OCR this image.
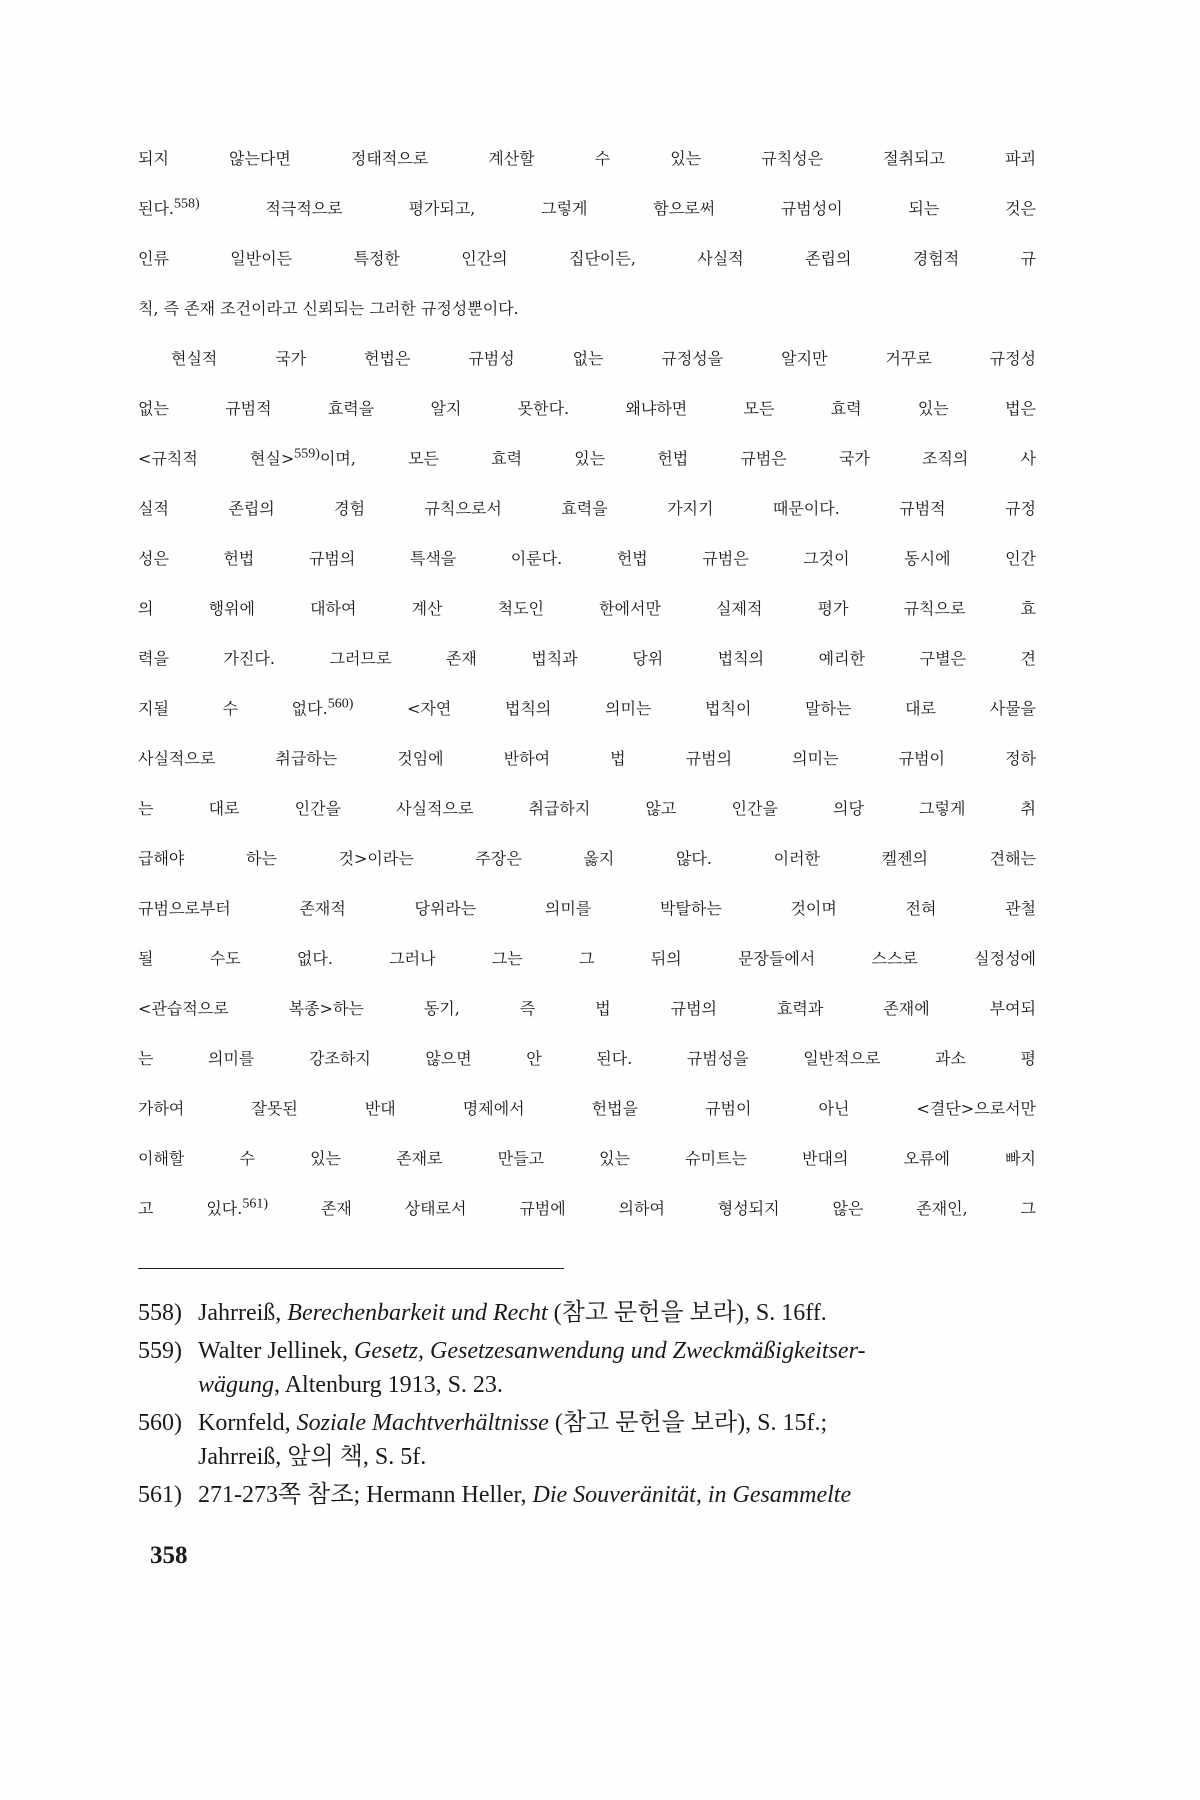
되지 않는다면 정태적으로 계산할 수 있는 규칙성은 절취되고 파괴
된다.$^{558)}$ 적극적으로 평가되고, 그렇게 함으로써 규범성이 되는 것은
인류 일반이든 특정한 인간의 집단이든, 사실적 존립의 경험적 규
칙, 즉 존재 조건이라고 신뢰되는 그러한 규정성뿐이다.
현실적 국가 헌법은 규범성 없는 규정성을 알지만 거꾸로 규정성
없는 규범적 효력을 알지 못한다. 왜냐하면 모든 효력 있는 법은
<규칙적 현실>$^{559)}$이며, 모든 효력 있는 헌법 규범은 국가 조직의 사
실적 존립의 경험 규칙으로서 효력을 가지기 때문이다. 규범적 규정
성은 헌법 규범의 특색을 이룬다. 헌법 규범은 그것이 동시에 인간
의 행위에 대하여 계산 척도인 한에서만 실제적 평가 규칙으로 효
력을 가진다. 그러므로 존재 법칙과 당위 법칙의 예리한 구별은 견
지될 수 없다.$^{560)}$ <자연 법칙의 의미는 법칙이 말하는 대로 사물을
사실적으로 취급하는 것임에 반하여 법 규범의 의미는 규범이 정하
는 대로 인간을 사실적으로 취급하지 않고 인간을 의당 그렇게 취
급해야 하는 것>이라는 주장은 옳지 않다. 이러한 켈젠의 견해는
규범으로부터 존재적 당위라는 의미를 박탈하는 것이며 전혀 관철
될 수도 없다. 그러나 그는 그 뒤의 문장들에서 스스로 실정성에
<관습적으로 복종>하는 동기, 즉 법 규범의 효력과 존재에 부여되
는 의미를 강조하지 않으면 안 된다. 규범성을 일반적으로 과소 평
가하여 잘못된 반대 명제에서 헌법을 규범이 아닌 <결단>으로서만
이해할 수 있는 존재로 만들고 있는 슈미트는 반대의 오류에 빠지
고 있다.$^{561)}$ 존재 상태로서 규범에 의하여 형성되지 않은 존재인, 그
558) Jahrreiß, Berechenbarkeit und Recht (참고 문헌을 보라), S. 16ff.
559) Walter Jellinek, Gesetz, Gesetzesanwendung und Zweckmäßigkeitser-
wägung, Altenburg 1913, S. 23.
560) Kornfeld, Soziale Machtverhältnisse (참고 문헌을 보라), S. 15f.;
Jahrreiß, 앞의 책, S. 5f.
561) 271-273쪽 참조; Hermann Heller, Die Souveränität, in Gesammelte
358
